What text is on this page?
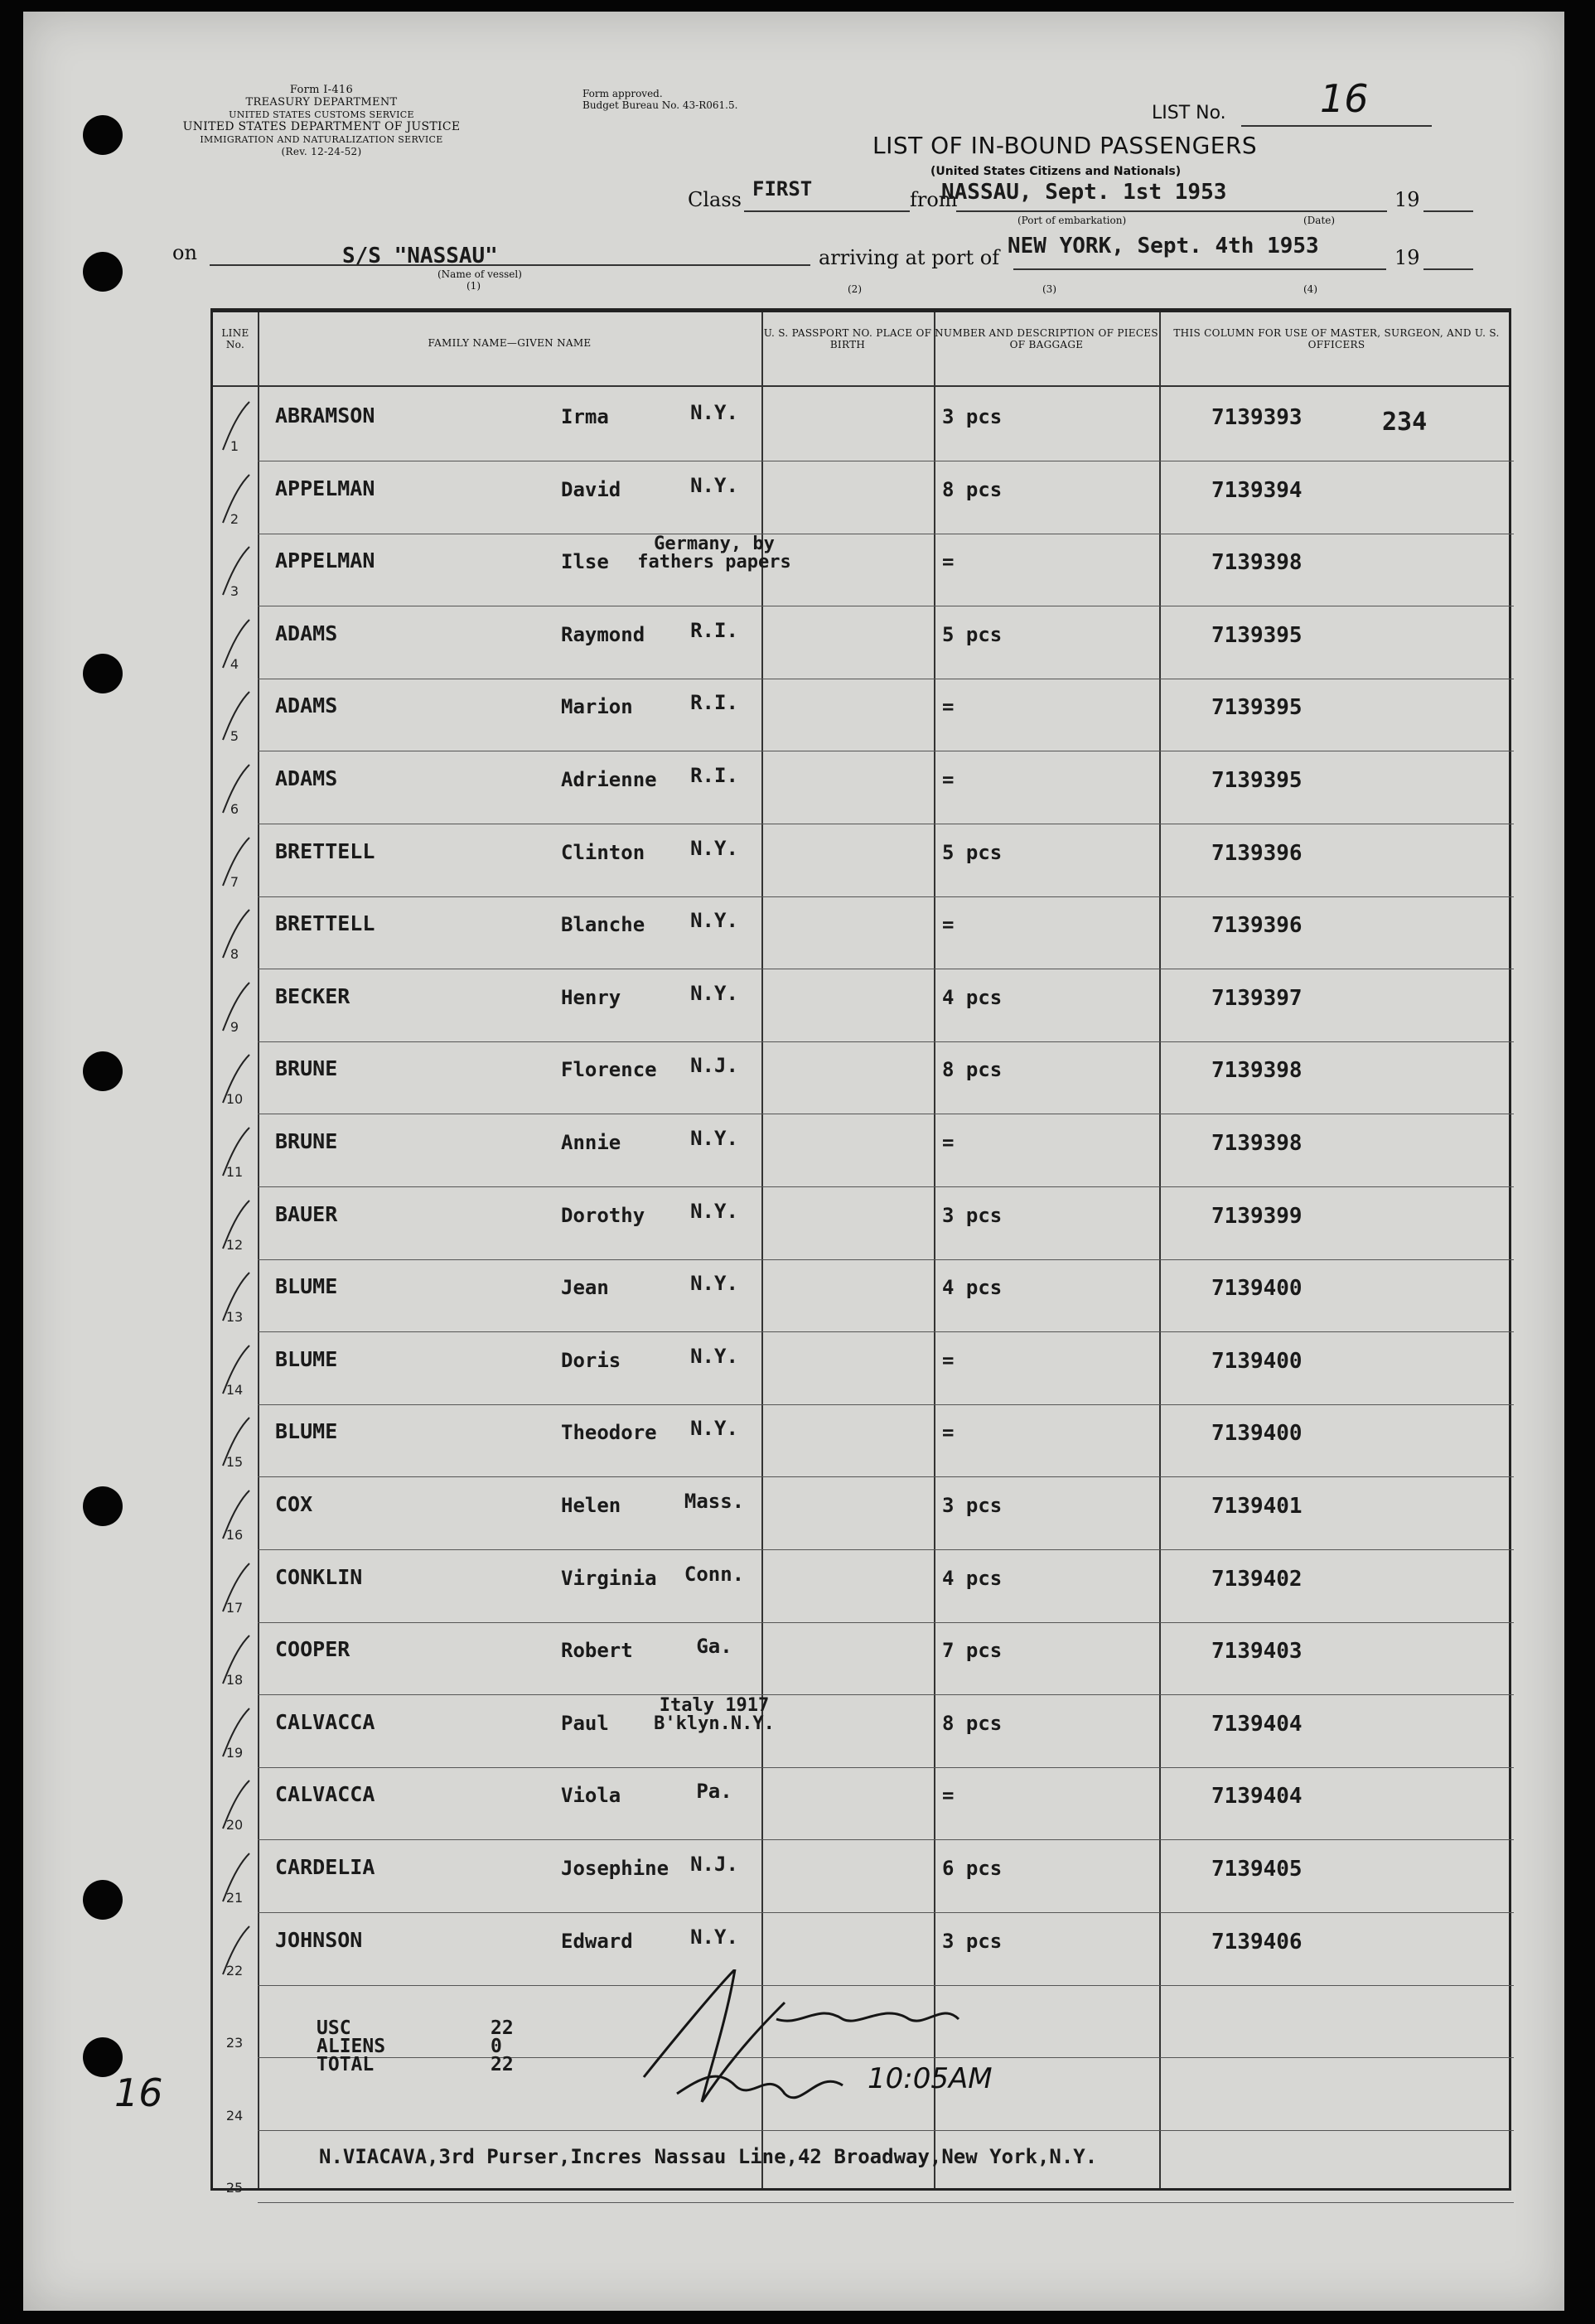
Form I-416
TREASURY DEPARTMENT
UNITED STATES CUSTOMS SERVICE
UNITED STATES DEPARTMENT OF JUSTICE
IMMIGRATION AND NATURALIZATION SERVICE
(Rev. 12-24-52)
Form approved.
Budget Bureau No. 43-R061.5.	LIST No. 16
LIST OF IN-BOUND PASSENGERS
(United States Citizens and Nationals)
Class FIRST	from
NASSAU, Sept. 1st 1953	19
(Port of embarkation)	(Date)
on	S/S "NASSAU"
(Name of vessel)
(1)
arriving at port of NEW YORK, Sept. 4th 1953	19
(2)	(3)	(4)
LINE No.	FAMILY NAME—GIVEN NAME
U. S. PASSPORT NO. PLACE OF BIRTH
NUMBER AND DESCRIPTION OF PIECES OF BAGGAGE
THIS COLUMN FOR USE OF MASTER, SURGEON, AND U. S. OFFICERS
1
ABRAMSON	Irma	N.Y.	3 pcs	7139393
2
APPELMAN	David	N.Y.	8 pcs	7139394
3
APPELMAN	Ilse
Germany, by fathers papers	=	7139398
4
ADAMS	Raymond	R.I.	5 pcs	7139395
5
ADAMS	Marion	R.I.	=	7139395
6
ADAMS	Adrienne	R.I.	=	7139395
7
BRETTELL	Clinton	N.Y.	5 pcs	7139396
8
BRETTELL	Blanche	N.Y.	=	7139396
9
BECKER	Henry	N.Y.	4 pcs	7139397
10
BRUNE	Florence	N.J.	8 pcs	7139398
11
BRUNE	Annie	N.Y.	=	7139398
12
BAUER	Dorothy	N.Y.	3 pcs	7139399
13
BLUME	Jean	N.Y.	4 pcs	7139400
14
BLUME	Doris	N.Y.	=	7139400
15
BLUME	Theodore	N.Y.	=	7139400
16
COX	Helen	Mass.	3 pcs	7139401
17
CONKLIN	Virginia	Conn.	4 pcs	7139402
18
COOPER	Robert	Ga.	7 pcs	7139403
19
CALVACCA	Paul
Italy 1917 B'klyn.N.Y.	8 pcs	7139404
20
CALVACCA	Viola	Pa.	=	7139404
21
CARDELIA	Josephine	N.J.	6 pcs	7139405
22
JOHNSON	Edward	N.Y.	3 pcs	7139406
23
24
25
USC	22
ALIENS	0
TOTAL	22
N.VIACAVA,3rd Purser,Incres Nassau Line,42 Broadway,New York,N.Y.
10:05AM
234
16
